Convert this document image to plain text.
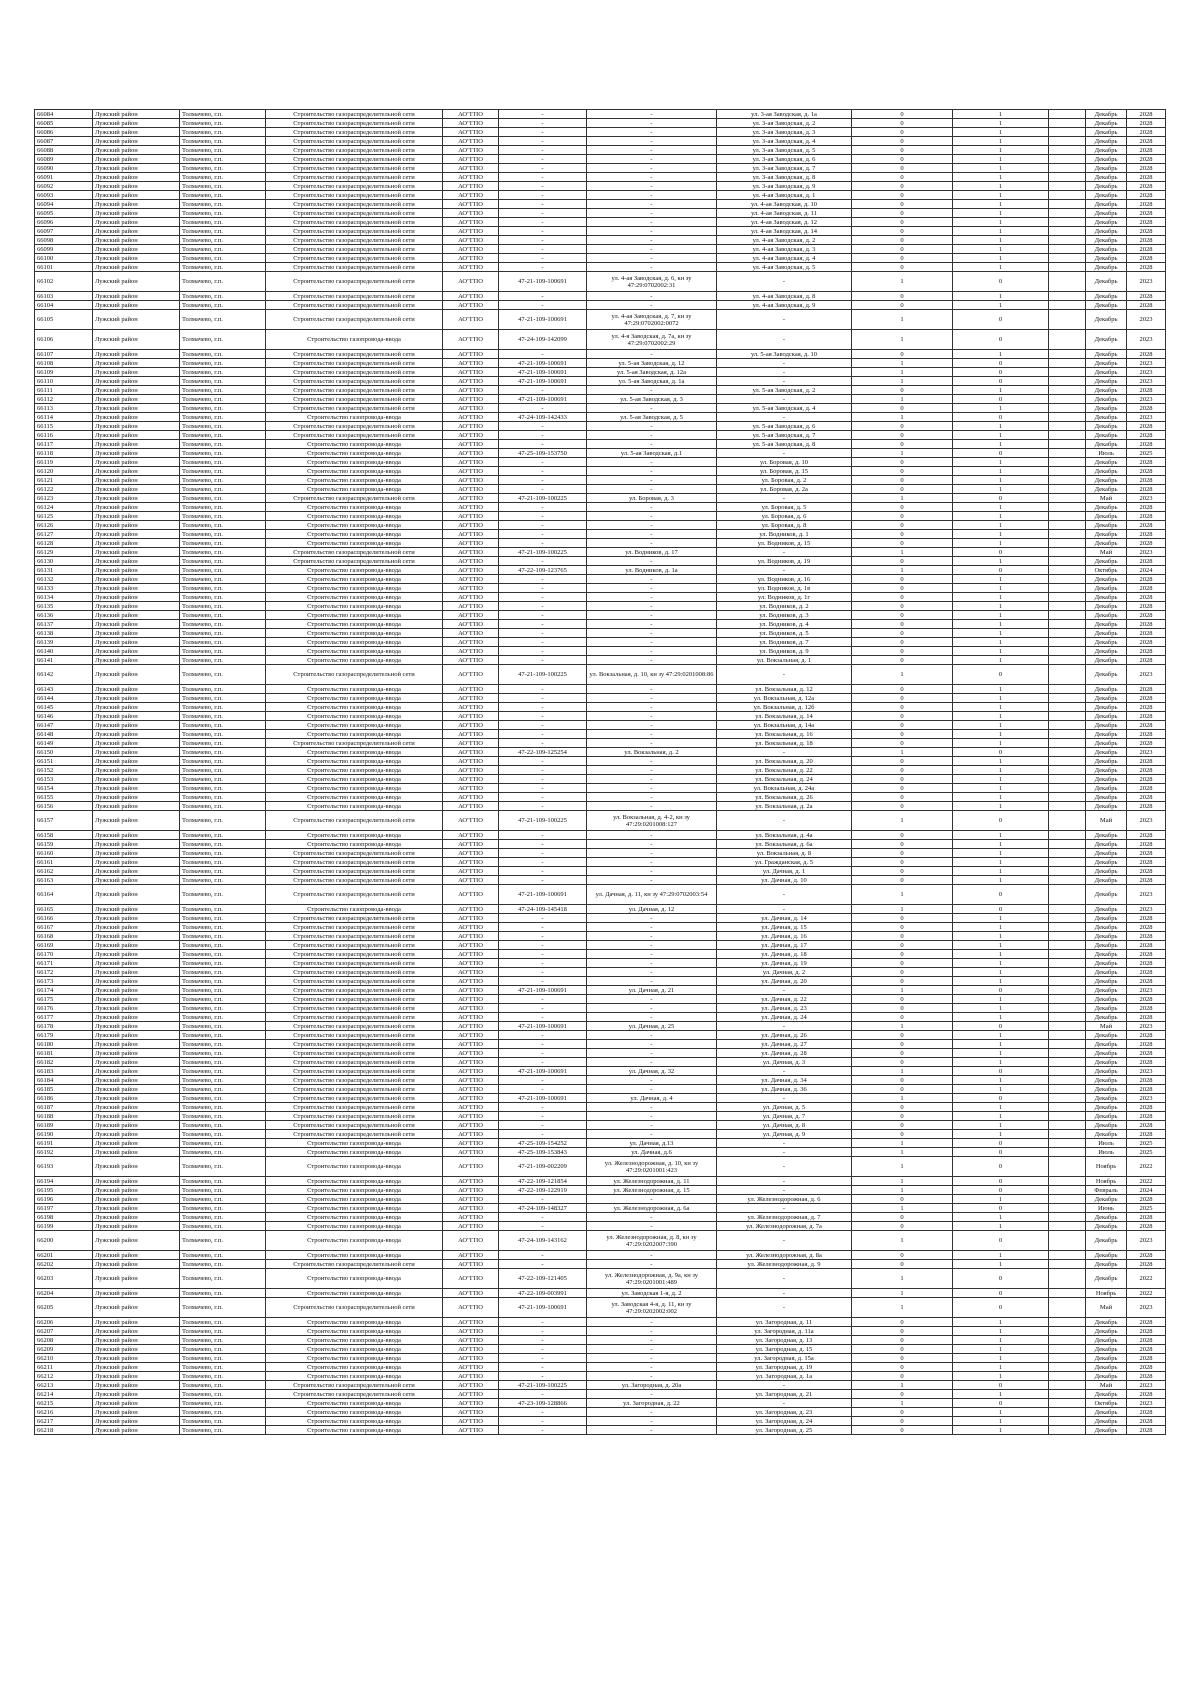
66084	Лужский район	Толмачево, г.п.	Строительство газораспределительной сети	АО"ГПО	-	-	ул. 3-ая Заводская, д. 1а	0	1		Декабрь	2028
66085	Лужский район	Толмачево, г.п.	Строительство газораспределительной сети	АО"ГПО	-	-	ул. 3-ая Заводская, д. 2	0	1		Декабрь	2028
66086	Лужский район	Толмачево, г.п.	Строительство газораспределительной сети	АО"ГПО	-	-	ул. 3-ая Заводская, д. 3	0	1		Декабрь	2028
66087	Лужский район	Толмачево, г.п.	Строительство газораспределительной сети	АО"ГПО	-	-	ул. 3-ая Заводская, д. 4	0	1		Декабрь	2028
66088	Лужский район	Толмачево, г.п.	Строительство газораспределительной сети	АО"ГПО	-	-	ул. 3-ая Заводская, д. 5	0	1		Декабрь	2028
66089	Лужский район	Толмачево, г.п.	Строительство газораспределительной сети	АО"ГПО	-	-	ул. 3-ая Заводская, д. 6	0	1		Декабрь	2028
66090	Лужский район	Толмачево, г.п.	Строительство газораспределительной сети	АО"ГПО	-	-	ул. 3-ая Заводская, д. 7	0	1		Декабрь	2028
66091	Лужский район	Толмачево, г.п.	Строительство газораспределительной сети	АО"ГПО	-	-	ул. 3-ая Заводская, д. 8	0	1		Декабрь	2028
66092	Лужский район	Толмачево, г.п.	Строительство газораспределительной сети	АО"ГПО	-	-	ул. 3-ая Заводская, д. 9	0	1		Декабрь	2028
66093	Лужский район	Толмачево, г.п.	Строительство газораспределительной сети	АО"ГПО	-	-	ул. 4-ая Заводская, д. 1	0	1		Декабрь	2028
66094	Лужский район	Толмачево, г.п.	Строительство газораспределительной сети	АО"ГПО	-	-	ул. 4-ая Заводская, д. 10	0	1		Декабрь	2028
66095	Лужский район	Толмачево, г.п.	Строительство газораспределительной сети	АО"ГПО	-	-	ул. 4-ая Заводская, д. 11	0	1		Декабрь	2028
66096	Лужский район	Толмачево, г.п.	Строительство газораспределительной сети	АО"ГПО	-	-	ул. 4-ая Заводская, д. 12	0	1		Декабрь	2028
66097	Лужский район	Толмачево, г.п.	Строительство газораспределительной сети	АО"ГПО	-	-	ул. 4-ая Заводская, д. 14	0	1		Декабрь	2028
66098	Лужский район	Толмачево, г.п.	Строительство газораспределительной сети	АО"ГПО	-	-	ул. 4-ая Заводская, д. 2	0	1		Декабрь	2028
66099	Лужский район	Толмачево, г.п.	Строительство газораспределительной сети	АО"ГПО	-	-	ул. 4-ая Заводская, д. 3	0	1		Декабрь	2028
66100	Лужский район	Толмачево, г.п.	Строительство газораспределительной сети	АО"ГПО	-	-	ул. 4-ая Заводская, д. 4	0	1		Декабрь	2028
66101	Лужский район	Толмачево, г.п.	Строительство газораспределительной сети	АО"ГПО	-	-	ул. 4-ая Заводская, д. 5	0	1		Декабрь	2028
66102	Лужский район	Толмачево, г.п.	Строительство газораспределительной сети	АО"ГПО	47-21-109-100691	ул. 4-ая Заводская, д. 6, кн зу 47:29:0702002:31	-	1	0		Декабрь	2023
66103	Лужский район	Толмачево, г.п.	Строительство газораспределительной сети	АО"ГПО	-	-	ул. 4-ая Заводская, д. 8	0	1		Декабрь	2028
66104	Лужский район	Толмачево, г.п.	Строительство газораспределительной сети	АО"ГПО	-	-	ул. 4-ая Заводская, д. 9	0	1		Декабрь	2028
66105	Лужский район	Толмачево, г.п.	Строительство газораспределительной сети	АО"ГПО	47-21-109-100691	ул. 4-ая Заводская, д. 7, кн зу 47:29:0702002:0072	-	1	0		Декабрь	2023
66106	Лужский район	Толмачево, г.п.	Строительство газопровода-ввода	АО"ГПО	47-24-109-142099	ул. 4-я Заводская, д. 7а, кн зу 47:29:0702002:29	-	1	0		Декабрь	2023
66107	Лужский район	Толмачево, г.п.	Строительство газораспределительной сети	АО"ГПО	-	-	ул. 5-ая Заводская, д. 10	0	1		Декабрь	2028
66108	Лужский район	Толмачево, г.п.	Строительство газораспределительной сети	АО"ГПО	47-21-109-100691	ул. 5-ая Заводская, д. 12	-	1	0		Декабрь	2023
66109	Лужский район	Толмачево, г.п.	Строительство газораспределительной сети	АО"ГПО	47-21-109-100691	ул. 5-ая Заводская, д. 12а	-	1	0		Декабрь	2023
66110	Лужский район	Толмачево, г.п.	Строительство газораспределительной сети	АО"ГПО	47-21-109-100691	ул. 5-ая Заводская, д. 1а	-	1	0		Декабрь	2023
66111	Лужский район	Толмачево, г.п.	Строительство газораспределительной сети	АО"ГПО	-	-	ул. 5-ая Заводская, д. 2	0	1		Декабрь	2028
66112	Лужский район	Толмачево, г.п.	Строительство газораспределительной сети	АО"ГПО	47-21-109-100691	ул. 5-ая Заводская, д. 3	-	1	0		Декабрь	2023
66113	Лужский район	Толмачево, г.п.	Строительство газораспределительной сети	АО"ГПО	-	-	ул. 5-ая Заводская, д. 4	0	1		Декабрь	2028
66114	Лужский район	Толмачево, г.п.	Строительство газопровода-ввода	АО"ГПО	47-24-109-142433	ул. 5-ая Заводская, д. 5	-	1	0		Декабрь	2023
66115	Лужский район	Толмачево, г.п.	Строительство газораспределительной сети	АО"ГПО	-	-	ул. 5-ая Заводская, д. 6	0	1		Декабрь	2028
66116	Лужский район	Толмачево, г.п.	Строительство газораспределительной сети	АО"ГПО	-	-	ул. 5-ая Заводская, д. 7	0	1		Декабрь	2028
66117	Лужский район	Толмачево, г.п.	Строительство газопровода-ввода	АО"ГПО	-	-	ул. 5-ая Заводская, д. 8	0	1		Декабрь	2028
66118	Лужский район	Толмачево, г.п.	Строительство газопровода-ввода	АО"ГПО	47-25-109-153750	ул. 5-ая Заводская, д.1	-	1	0		Июль	2025
66119	Лужский район	Толмачево, г.п.	Строительство газопровода-ввода	АО"ГПО	-	-	ул. Боровая, д. 10	0	1		Декабрь	2028
66120	Лужский район	Толмачево, г.п.	Строительство газопровода-ввода	АО"ГПО	-	-	ул. Боровая, д. 15	0	1		Декабрь	2028
66121	Лужский район	Толмачево, г.п.	Строительство газопровода-ввода	АО"ГПО	-	-	ул. Боровая, д. 2	0	1		Декабрь	2028
66122	Лужский район	Толмачево, г.п.	Строительство газопровода-ввода	АО"ГПО	-	-	ул. Боровая, д. 2а	0	1		Декабрь	2028
66123	Лужский район	Толмачево, г.п.	Строительство газораспределительной сети	АО"ГПО	47-21-109-100225	ул. Боровая, д. 3	-	1	0		Май	2023
66124	Лужский район	Толмачево, г.п.	Строительство газопровода-ввода	АО"ГПО	-	-	ул. Боровая, д. 5	0	1		Декабрь	2028
66125	Лужский район	Толмачево, г.п.	Строительство газопровода-ввода	АО"ГПО	-	-	ул. Боровая, д. 6	0	1		Декабрь	2028
66126	Лужский район	Толмачево, г.п.	Строительство газопровода-ввода	АО"ГПО	-	-	ул. Боровая, д. 8	0	1		Декабрь	2028
66127	Лужский район	Толмачево, г.п.	Строительство газопровода-ввода	АО"ГПО	-	-	ул. Водников, д. 1	0	1		Декабрь	2028
66128	Лужский район	Толмачево, г.п.	Строительство газопровода-ввода	АО"ГПО	-	-	ул. Водников, д. 15	0	1		Декабрь	2028
66129	Лужский район	Толмачево, г.п.	Строительство газораспределительной сети	АО"ГПО	47-21-109-100225	ул. Водников, д. 17	-	1	0		Май	2023
66130	Лужский район	Толмачево, г.п.	Строительство газораспределительной сети	АО"ГПО	-	-	ул. Водников, д. 19	0	1		Декабрь	2028
66131	Лужский район	Толмачево, г.п.	Строительство газопровода-ввода	АО"ГПО	47-22-109-123765	ул. Водников, д. 1а	-	1	0		Октябрь	2024
66132	Лужский район	Толмачево, г.п.	Строительство газопровода-ввода	АО"ГПО	-	-	ул. Водников, д. 16	0	1		Декабрь	2028
66133	Лужский район	Толмачево, г.п.	Строительство газопровода-ввода	АО"ГПО	-	-	ул. Водников, д. 1в	0	1		Декабрь	2028
66134	Лужский район	Толмачево, г.п.	Строительство газопровода-ввода	АО"ГПО	-	-	ул. Водников, д. 1г	0	1		Декабрь	2028
66135	Лужский район	Толмачево, г.п.	Строительство газопровода-ввода	АО"ГПО	-	-	ул. Водников, д. 2	0	1		Декабрь	2028
66136	Лужский район	Толмачево, г.п.	Строительство газопровода-ввода	АО"ГПО	-	-	ул. Водников, д. 3	0	1		Декабрь	2028
66137	Лужский район	Толмачево, г.п.	Строительство газопровода-ввода	АО"ГПО	-	-	ул. Водников, д. 4	0	1		Декабрь	2028
66138	Лужский район	Толмачево, г.п.	Строительство газопровода-ввода	АО"ГПО	-	-	ул. Водников, д. 5	0	1		Декабрь	2028
66139	Лужский район	Толмачево, г.п.	Строительство газопровода-ввода	АО"ГПО	-	-	ул. Водников, д. 7	0	1		Декабрь	2028
66140	Лужский район	Толмачево, г.п.	Строительство газопровода-ввода	АО"ГПО	-	-	ул. Водников, д. 9	0	1		Декабрь	2028
66141	Лужский район	Толмачево, г.п.	Строительство газопровода-ввода	АО"ГПО	-	-	ул. Вокзальная, д. 1	0	1		Декабрь	2028
66142	Лужский район	Толмачево, г.п.	Строительство газораспределительной сети	АО"ГПО	47-21-109-100225	ул. Вокзальная, д. 10, кн зу 47:29:0201008:86	-	1	0		Декабрь	2023
66143	Лужский район	Толмачево, г.п.	Строительство газопровода-ввода	АО"ГПО	-	-	ул. Вокзальная, д. 12	0	1		Декабрь	2028
66144	Лужский район	Толмачево, г.п.	Строительство газопровода-ввода	АО"ГПО	-	-	ул. Вокзальная, д. 12а	0	1		Декабрь	2028
66145	Лужский район	Толмачево, г.п.	Строительство газопровода-ввода	АО"ГПО	-	-	ул. Вокзальная, д. 12б	0	1		Декабрь	2028
66146	Лужский район	Толмачево, г.п.	Строительство газопровода-ввода	АО"ГПО	-	-	ул. Вокзальная, д. 14	0	1		Декабрь	2028
66147	Лужский район	Толмачево, г.п.	Строительство газопровода-ввода	АО"ГПО	-	-	ул. Вокзальная, д. 14а	0	1		Декабрь	2028
66148	Лужский район	Толмачево, г.п.	Строительство газопровода-ввода	АО"ГПО	-	-	ул. Вокзальная, д. 16	0	1		Декабрь	2028
66149	Лужский район	Толмачево, г.п.	Строительство газораспределительной сети	АО"ГПО	-	-	ул. Вокзальная, д. 18	0	1		Декабрь	2028
66150	Лужский район	Толмачево, г.п.	Строительство газопровода-ввода	АО"ГПО	47-22-109-125254	ул. Вокзальная, д. 2	-	1	0		Декабрь	2023
66151	Лужский район	Толмачево, г.п.	Строительство газопровода-ввода	АО"ГПО	-	-	ул. Вокзальная, д. 20	0	1		Декабрь	2028
66152	Лужский район	Толмачево, г.п.	Строительство газопровода-ввода	АО"ГПО	-	-	ул. Вокзальная, д. 22	0	1		Декабрь	2028
66153	Лужский район	Толмачево, г.п.	Строительство газопровода-ввода	АО"ГПО	-	-	ул. Вокзальная, д. 24	0	1		Декабрь	2028
66154	Лужский район	Толмачево, г.п.	Строительство газопровода-ввода	АО"ГПО	-	-	ул. Вокзальная, д. 24а	0	1		Декабрь	2028
66155	Лужский район	Толмачево, г.п.	Строительство газопровода-ввода	АО"ГПО	-	-	ул. Вокзальная, д. 26	0	1		Декабрь	2028
66156	Лужский район	Толмачево, г.п.	Строительство газопровода-ввода	АО"ГПО	-	-	ул. Вокзальная, д. 2а	0	1		Декабрь	2028
66157	Лужский район	Толмачево, г.п.	Строительство газораспределительной сети	АО"ГПО	47-21-109-100225	ул. Вокзальная, д. 4-2, кн зу 47:29:0201008:127	-	1	0		Май	2023
66158	Лужский район	Толмачево, г.п.	Строительство газопровода-ввода	АО"ГПО	-	-	ул. Вокзальная, д. 4а	0	1		Декабрь	2028
66159	Лужский район	Толмачево, г.п.	Строительство газопровода-ввода	АО"ГПО	-	-	ул. Вокзальная, д. 6а	0	1		Декабрь	2028
66160	Лужский район	Толмачево, г.п.	Строительство газораспределительной сети	АО"ГПО	-	-	ул. Вокзальная, д. 8	0	1		Декабрь	2028
66161	Лужский район	Толмачево, г.п.	Строительство газораспределительной сети	АО"ГПО	-	-	ул. Гражданская, д. 5	0	1		Декабрь	2028
66162	Лужский район	Толмачево, г.п.	Строительство газораспределительной сети	АО"ГПО	-	-	ул. Дачная, д. 1	0	1		Декабрь	2028
66163	Лужский район	Толмачево, г.п.	Строительство газораспределительной сети	АО"ГПО	-	-	ул. Дачная, д. 10	0	1		Декабрь	2028
66164	Лужский район	Толмачево, г.п.	Строительство газораспределительной сети	АО"ГПО	47-21-109-100691	ул. Дачная, д. 11, кн зу 47:29:0702003:54	-	1	0		Декабрь	2023
66165	Лужский район	Толмачево, г.п.	Строительство газопровода-ввода	АО"ГПО	47-24-109-145418	ул. Дачная, д. 12	-	1	0		Декабрь	2023
66166	Лужский район	Толмачево, г.п.	Строительство газораспределительной сети	АО"ГПО	-	-	ул. Дачная, д. 14	0	1		Декабрь	2028
66167	Лужский район	Толмачево, г.п.	Строительство газораспределительной сети	АО"ГПО	-	-	ул. Дачная, д. 15	0	1		Декабрь	2028
66168	Лужский район	Толмачево, г.п.	Строительство газораспределительной сети	АО"ГПО	-	-	ул. Дачная, д. 16	0	1		Декабрь	2028
66169	Лужский район	Толмачево, г.п.	Строительство газораспределительной сети	АО"ГПО	-	-	ул. Дачная, д. 17	0	1		Декабрь	2028
66170	Лужский район	Толмачево, г.п.	Строительство газораспределительной сети	АО"ГПО	-	-	ул. Дачная, д. 18	0	1		Декабрь	2028
66171	Лужский район	Толмачево, г.п.	Строительство газораспределительной сети	АО"ГПО	-	-	ул. Дачная, д. 19	0	1		Декабрь	2028
66172	Лужский район	Толмачево, г.п.	Строительство газораспределительной сети	АО"ГПО	-	-	ул. Дачная, д. 2	0	1		Декабрь	2028
66173	Лужский район	Толмачево, г.п.	Строительство газораспределительной сети	АО"ГПО	-	-	ул. Дачная, д. 20	0	1		Декабрь	2028
66174	Лужский район	Толмачево, г.п.	Строительство газораспределительной сети	АО"ГПО	47-21-109-100691	ул. Дачная, д. 21	-	1	0		Декабрь	2023
66175	Лужский район	Толмачево, г.п.	Строительство газораспределительной сети	АО"ГПО	-	-	ул. Дачная, д. 22	0	1		Декабрь	2028
66176	Лужский район	Толмачево, г.п.	Строительство газораспределительной сети	АО"ГПО	-	-	ул. Дачная, д. 23	0	1		Декабрь	2028
66177	Лужский район	Толмачево, г.п.	Строительство газораспределительной сети	АО"ГПО	-	-	ул. Дачная, д. 24	0	1		Декабрь	2028
66178	Лужский район	Толмачево, г.п.	Строительство газораспределительной сети	АО"ГПО	47-21-109-100691	ул. Дачная, д. 25	-	1	0		Май	2023
66179	Лужский район	Толмачево, г.п.	Строительство газораспределительной сети	АО"ГПО	-	-	ул. Дачная, д. 26	0	1		Декабрь	2028
66180	Лужский район	Толмачево, г.п.	Строительство газораспределительной сети	АО"ГПО	-	-	ул. Дачная, д. 27	0	1		Декабрь	2028
66181	Лужский район	Толмачево, г.п.	Строительство газораспределительной сети	АО"ГПО	-	-	ул. Дачная, д. 28	0	1		Декабрь	2028
66182	Лужский район	Толмачево, г.п.	Строительство газораспределительной сети	АО"ГПО	-	-	ул. Дачная, д. 3	0	1		Декабрь	2028
66183	Лужский район	Толмачево, г.п.	Строительство газораспределительной сети	АО"ГПО	47-21-109-100691	ул. Дачная, д. 32	-	1	0		Декабрь	2023
66184	Лужский район	Толмачево, г.п.	Строительство газораспределительной сети	АО"ГПО	-	-	ул. Дачная, д. 34	0	1		Декабрь	2028
66185	Лужский район	Толмачево, г.п.	Строительство газораспределительной сети	АО"ГПО	-	-	ул. Дачная, д. 36	0	1		Декабрь	2028
66186	Лужский район	Толмачево, г.п.	Строительство газораспределительной сети	АО"ГПО	47-21-109-100691	ул. Дачная, д. 4	-	1	0		Декабрь	2023
66187	Лужский район	Толмачево, г.п.	Строительство газораспределительной сети	АО"ГПО	-	-	ул. Дачная, д. 5	0	1		Декабрь	2028
66188	Лужский район	Толмачево, г.п.	Строительство газораспределительной сети	АО"ГПО	-	-	ул. Дачная, д. 7	0	1		Декабрь	2028
66189	Лужский район	Толмачево, г.п.	Строительство газораспределительной сети	АО"ГПО	-	-	ул. Дачная, д. 8	0	1		Декабрь	2028
66190	Лужский район	Толмачево, г.п.	Строительство газораспределительной сети	АО"ГПО	-	-	ул. Дачная, д. 9	0	1		Декабрь	2028
66191	Лужский район	Толмачево, г.п.	Строительство газопровода-ввода	АО"ГПО	47-25-109-154252	ул. Дачная, д.13	-	1	0		Июль	2025
66192	Лужский район	Толмачево, г.п.	Строительство газопровода-ввода	АО"ГПО	47-25-109-153843	ул. Дачная, д.6	-	1	0		Июль	2025
66193	Лужский район	Толмачево, г.п.	Строительство газопровода-ввода	АО"ГПО	47-21-109-002209	ул. Железнодорожная, д. 10, кн зу 47:29:0201001:423	-	1	0		Ноябрь	2022
66194	Лужский район	Толмачево, г.п.	Строительство газопровода-ввода	АО"ГПО	47-22-109-121854	ул. Железнодорожная, д. 11	-	1	0		Ноябрь	2022
66195	Лужский район	Толмачево, г.п.	Строительство газопровода-ввода	АО"ГПО	47-22-109-122919	ул. Железнодорожная, д. 15	-	1	0		Февраль	2024
66196	Лужский район	Толмачево, г.п.	Строительство газопровода-ввода	АО"ГПО	-	-	ул. Железнодорожная, д. 6	0	1		Декабрь	2028
66197	Лужский район	Толмачево, г.п.	Строительство газопровода-ввода	АО"ГПО	47-24-109-148327	ул. Железнодорожная, д. 6а	-	1	0		Июнь	2025
66198	Лужский район	Толмачево, г.п.	Строительство газопровода-ввода	АО"ГПО	-	-	ул. Железнодорожная, д. 7	0	1		Декабрь	2028
66199	Лужский район	Толмачево, г.п.	Строительство газопровода-ввода	АО"ГПО	-	-	ул. Железнодорожная, д. 7а	0	1		Декабрь	2028
66200	Лужский район	Толмачево, г.п.	Строительство газопровода-ввода	АО"ГПО	47-24-109-143162	ул. Железнодорожная, д. 8, кн зу 47:29:0202007:390	-	1	0		Декабрь	2023
66201	Лужский район	Толмачево, г.п.	Строительство газопровода-ввода	АО"ГПО	-	-	ул. Железнодорожная, д. 8а	0	1		Декабрь	2028
66202	Лужский район	Толмачево, г.п.	Строительство газораспределительной сети	АО"ГПО	-	-	ул. Железнодорожная, д. 9	0	1		Декабрь	2028
66203	Лужский район	Толмачево, г.п.	Строительство газопровода-ввода	АО"ГПО	47-22-109-121405	ул. Железнодорожная, д. 9а, кн зу 47:29:0201001:489	-	1	0		Декабрь	2022
66204	Лужский район	Толмачево, г.п.	Строительство газопровода-ввода	АО"ГПО	47-22-109-003991	ул. Заводская 1-я, д. 2	-	1	0		Ноябрь	2022
66205	Лужский район	Толмачево, г.п.	Строительство газораспределительной сети	АО"ГПО	47-21-109-100691	ул. Заводская 4-я, д. 11, кн зу 47:29:0202002:002	-	1	0		Май	2023
66206	Лужский район	Толмачево, г.п.	Строительство газопровода-ввода	АО"ГПО	-	-	ул. Загородная, д. 11	0	1		Декабрь	2028
66207	Лужский район	Толмачево, г.п.	Строительство газопровода-ввода	АО"ГПО	-	-	ул. Загородная, д. 11а	0	1		Декабрь	2028
66208	Лужский район	Толмачево, г.п.	Строительство газопровода-ввода	АО"ГПО	-	-	ул. Загородная, д. 13	0	1		Декабрь	2028
66209	Лужский район	Толмачево, г.п.	Строительство газопровода-ввода	АО"ГПО	-	-	ул. Загородная, д. 15	0	1		Декабрь	2028
66210	Лужский район	Толмачево, г.п.	Строительство газопровода-ввода	АО"ГПО	-	-	ул. Загородная, д. 15а	0	1		Декабрь	2028
66211	Лужский район	Толмачево, г.п.	Строительство газопровода-ввода	АО"ГПО	-	-	ул. Загородная, д. 19	0	1		Декабрь	2028
66212	Лужский район	Толмачево, г.п.	Строительство газопровода-ввода	АО"ГПО	-	-	ул. Загородная, д. 1а	0	1		Декабрь	2028
66213	Лужский район	Толмачево, г.п.	Строительство газораспределительной сети	АО"ГПО	47-21-109-100225	ул. Загородная, д. 20а	-	1	0		Май	2023
66214	Лужский район	Толмачево, г.п.	Строительство газораспределительной сети	АО"ГПО	-	-	ул. Загородная, д. 21	0	1		Декабрь	2028
66215	Лужский район	Толмачево, г.п.	Строительство газопровода-ввода	АО"ГПО	47-23-109-128866	ул. Загородная, д. 22	-	1	0		Октябрь	2023
66216	Лужский район	Толмачево, г.п.	Строительство газопровода-ввода	АО"ГПО	-	-	ул. Загородная, д. 23	0	1		Декабрь	2028
66217	Лужский район	Толмачево, г.п.	Строительство газопровода-ввода	АО"ГПО	-	-	ул. Загородная, д. 24	0	1		Декабрь	2028
66218	Лужский район	Толмачево, г.п.	Строительство газопровода-ввода	АО"ГПО	-	-	ул. Загородная, д. 25	0	1		Декабрь	2028
